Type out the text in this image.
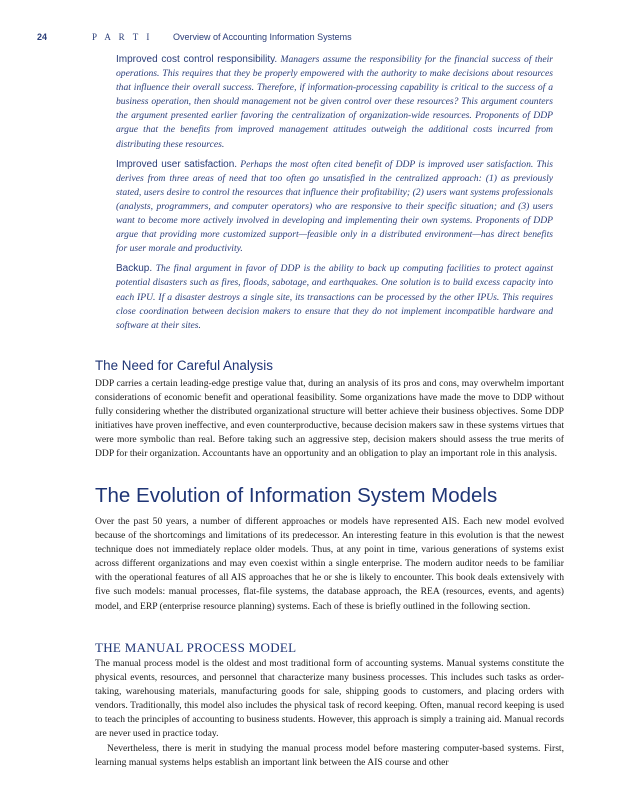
24	P A R T I Overview of Accounting Information Systems

Improved cost control responsibility. Managers assume the responsibility for the financial success of their operations. This requires that they be properly empowered with the authority to make decisions about resources that influence their overall success. Therefore, if information-processing capability is critical to the success of a business operation, then should management not be given control over these resources? This argument counters the argument presented earlier favoring the centralization of organization-wide resources. Proponents of DDP argue that the benefits from improved management attitudes outweigh the additional costs incurred from distributing these resources.

Improved user satisfaction. Perhaps the most often cited benefit of DDP is improved user satisfaction. This derives from three areas of need that too often go unsatisfied in the centralized approach: (1) as previously stated, users desire to control the resources that influence their profitability; (2) users want systems professionals (analysts, programmers, and computer operators) who are responsive to their specific situation; and (3) users want to become more actively involved in developing and implementing their own systems. Proponents of DDP argue that providing more customized support—feasible only in a distributed environment—has direct benefits for user morale and productivity.

Backup. The final argument in favor of DDP is the ability to back up computing facilities to protect against potential disasters such as fires, floods, sabotage, and earthquakes. One solution is to build excess capacity into each IPU. If a disaster destroys a single site, its transactions can be processed by the other IPUs. This requires close coordination between decision makers to ensure that they do not implement incompatible hardware and software at their sites.

The Need for Careful Analysis

DDP carries a certain leading-edge prestige value that, during an analysis of its pros and cons, may overwhelm important considerations of economic benefit and operational feasibility. Some organizations have made the move to DDP without fully considering whether the distributed organizational structure will better achieve their business objectives. Some DDP initiatives have proven ineffective, and even counterproductive, because decision makers saw in these systems virtues that were more symbolic than real. Before taking such an aggressive step, decision makers should assess the true merits of DDP for their organization. Accountants have an opportunity and an obligation to play an important role in this analysis.

The Evolution of Information System Models

Over the past 50 years, a number of different approaches or models have represented AIS. Each new model evolved because of the shortcomings and limitations of its predecessor. An interesting feature in this evolution is that the newest technique does not immediately replace older models. Thus, at any point in time, various generations of systems exist across different organizations and may even coexist within a single enterprise. The modern auditor needs to be familiar with the operational features of all AIS approaches that he or she is likely to encounter. This book deals extensively with five such models: manual processes, flat-file systems, the database approach, the REA (resources, events, and agents) model, and ERP (enterprise resource planning) systems. Each of these is briefly outlined in the following section.

THE MANUAL PROCESS MODEL

The manual process model is the oldest and most traditional form of accounting systems. Manual systems constitute the physical events, resources, and personnel that characterize many business processes. This includes such tasks as order-taking, warehousing materials, manufacturing goods for sale, shipping goods to customers, and placing orders with vendors. Traditionally, this model also includes the physical task of record keeping. Often, manual record keeping is used to teach the principles of accounting to business students. However, this approach is simply a training aid. Manual records are never used in practice today.

Nevertheless, there is merit in studying the manual process model before mastering computer-based systems. First, learning manual systems helps establish an important link between the AIS course and other
